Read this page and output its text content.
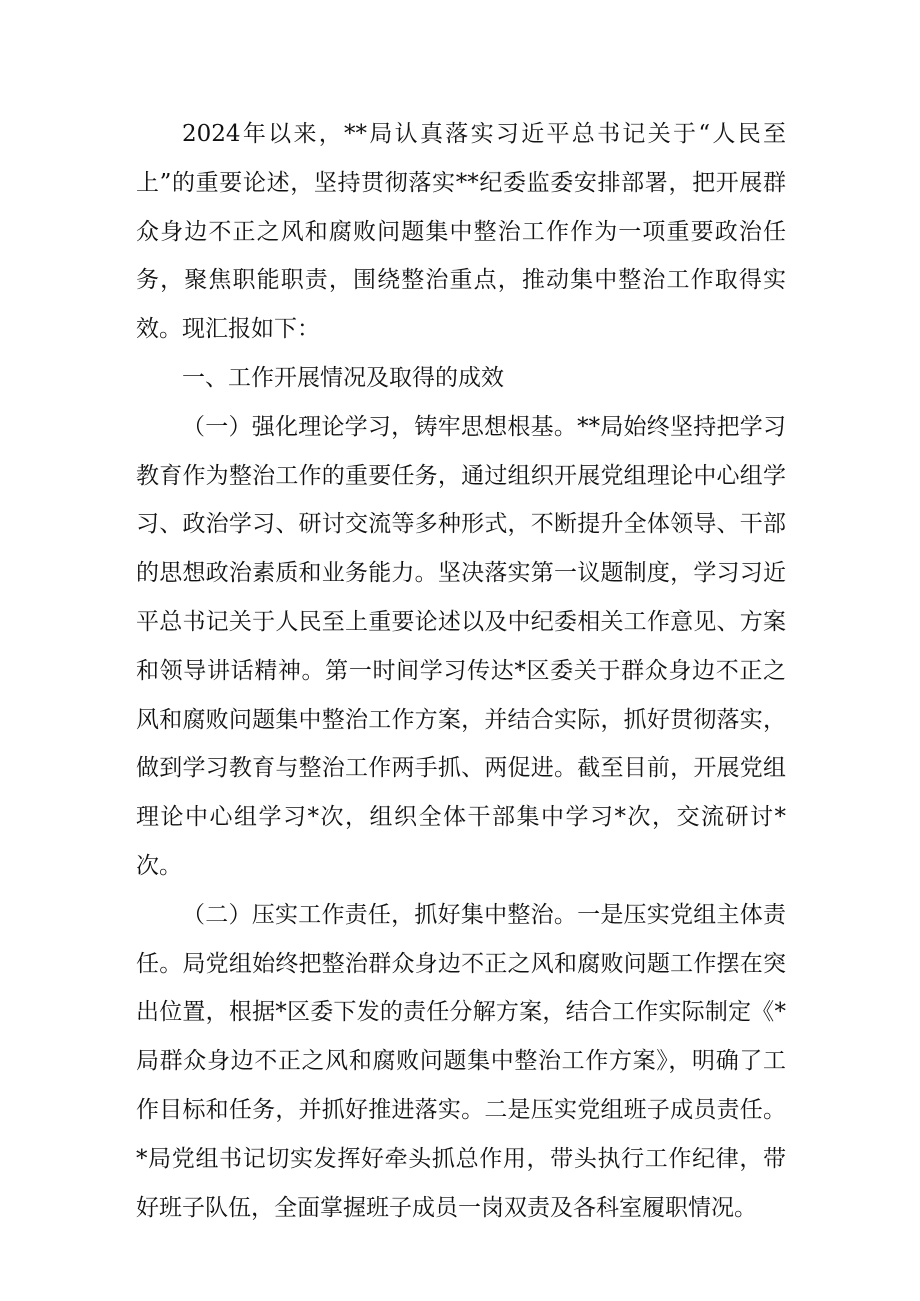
2024年以来，**局认真落实习近平总书记关于“人民至上”的重要论述，坚持贯彻落实**纪委监委安排部署，把开展群众身边不正之风和腐败问题集中整治工作作为一项重要政治任务，聚焦职能职责，围绕整治重点，推动集中整治工作取得实效。现汇报如下：

一、工作开展情况及取得的成效

（一）强化理论学习，铸牢思想根基。**局始终坚持把学习教育作为整治工作的重要任务，通过组织开展党组理论中心组学习、政治学习、研讨交流等多种形式，不断提升全体领导、干部的思想政治素质和业务能力。坚决落实第一议题制度，学习习近平总书记关于人民至上重要论述以及中纪委相关工作意见、方案和领导讲话精神。第一时间学习传达*区委关于群众身边不正之风和腐败问题集中整治工作方案，并结合实际，抓好贯彻落实，做到学习教育与整治工作两手抓、两促进。截至目前，开展党组理论中心组学习*次，组织全体干部集中学习*次，交流研讨*次。

（二）压实工作责任，抓好集中整治。一是压实党组主体责任。局党组始终把整治群众身边不正之风和腐败问题工作摆在突出位置，根据*区委下发的责任分解方案，结合工作实际制定《*局群众身边不正之风和腐败问题集中整治工作方案》，明确了工作目标和任务，并抓好推进落实。二是压实党组班子成员责任。*局党组书记切实发挥好牵头抓总作用，带头执行工作纪律，带好班子队伍，全面掌握班子成员一岗双责及各科室履职情况。
